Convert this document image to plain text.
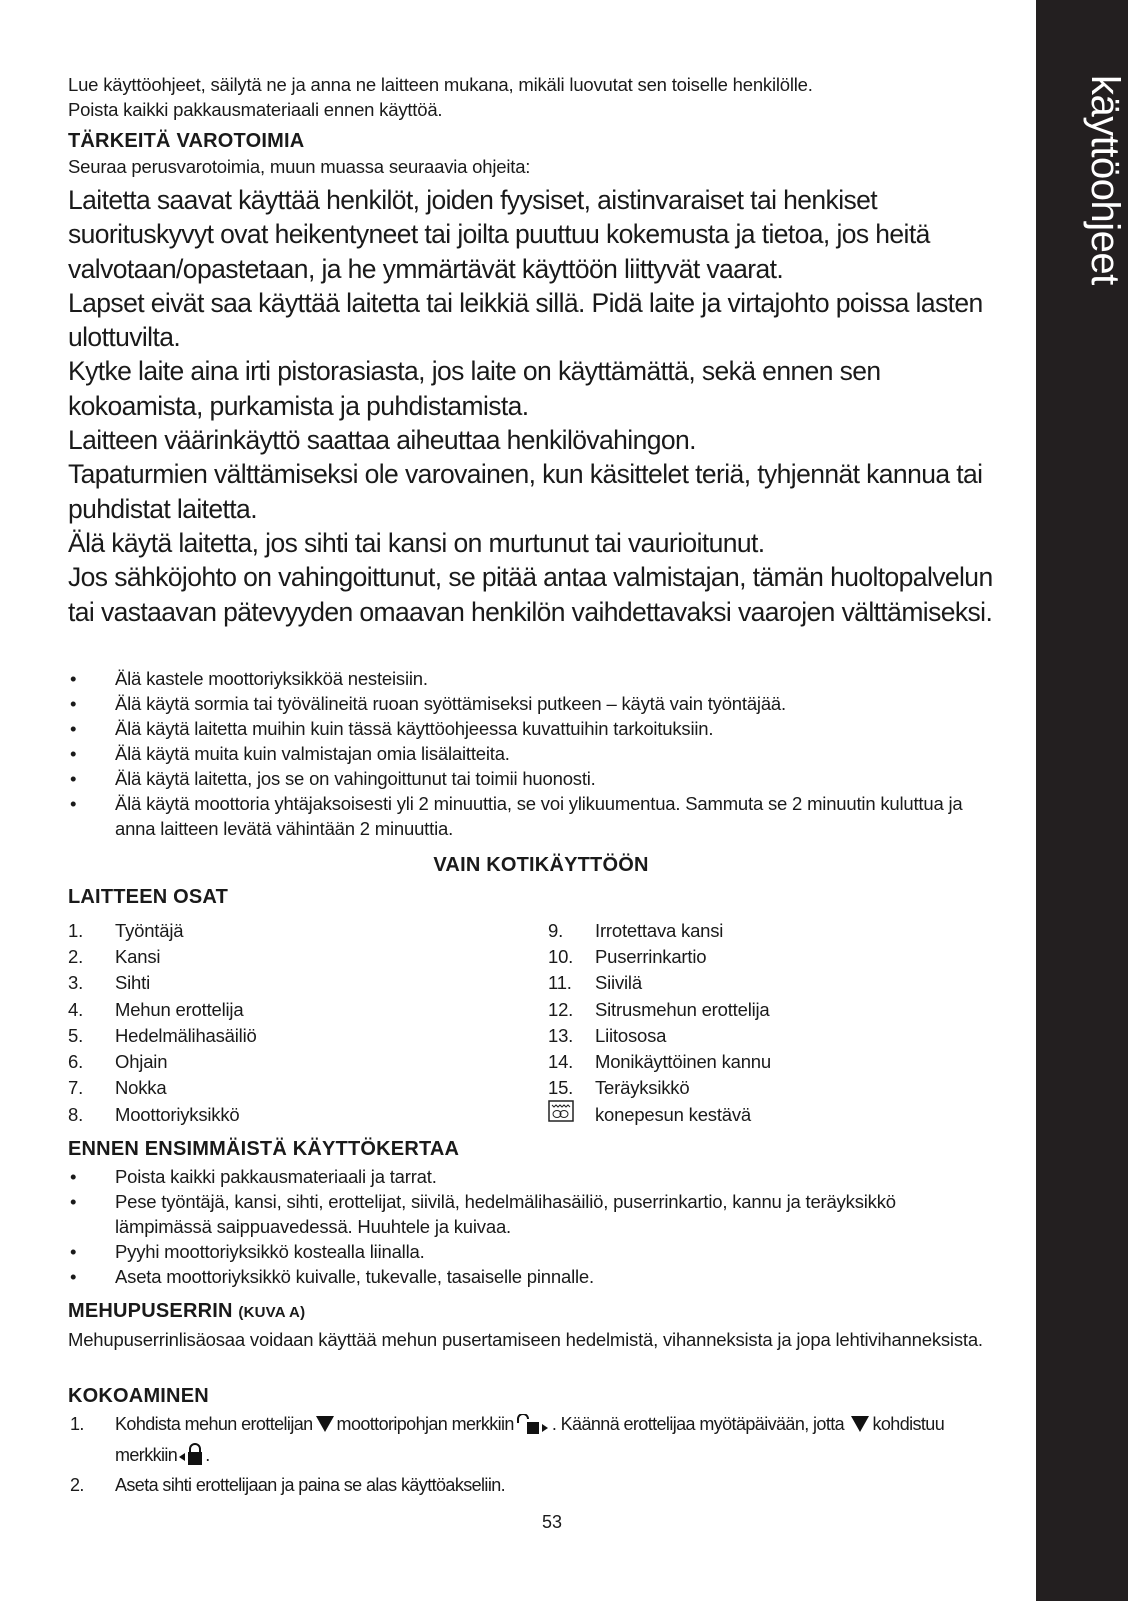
käyttöohjeet

Lue käyttöohjeet, säilytä ne ja anna ne laitteen mukana, mikäli luovutat sen toiselle henkilölle.

Poista kaikki pakkausmateriaali ennen käyttöä.

TÄRKEITÄ VAROTOIMIA
Seuraa perusvarotoimia, muun muassa seuraavia ohjeita:

Laitetta saavat käyttää henkilöt, joiden fyysiset, aistinvaraiset tai henkiset suorituskyvyt ovat heikentyneet tai joilta puuttuu kokemusta ja tietoa, jos heitä valvotaan/opastetaan, ja he ymmärtävät käyttöön liittyvät vaarat.

Lapset eivät saa käyttää laitetta tai leikkiä sillä. Pidä laite ja virtajohto poissa lasten ulottuvilta.

Kytke laite aina irti pistorasiasta, jos laite on käyttämättä, sekä ennen sen kokoamista, purkamista ja puhdistamista.

Laitteen väärinkäyttö saattaa aiheuttaa henkilövahingon.

Tapaturmien välttämiseksi ole varovainen, kun käsittelet teriä, tyhjennät kannua tai puhdistat laitetta.

Älä käytä laitetta, jos sihti tai kansi on murtunut tai vaurioitunut.

Jos sähköjohto on vahingoittunut, se pitää antaa valmistajan, tämän huoltopalvelun tai vastaavan pätevyyden omaavan henkilön vaihdettavaksi vaarojen välttämiseksi.

• Älä kastele moottoriyksikköä nesteisiin.
• Älä käytä sormia tai työvälineitä ruoan syöttämiseksi putkeen – käytä vain työntäjää.
• Älä käytä laitetta muihin kuin tässä käyttöohjeessa kuvattuihin tarkoituksiin.
• Älä käytä muita kuin valmistajan omia lisälaitteita.
• Älä käytä laitetta, jos se on vahingoittunut tai toimii huonosti.
• Älä käytä moottoria yhtäjaksoisesti yli 2 minuuttia, se voi ylikuumentua. Sammuta se 2 minuutin kuluttua ja anna laitteen levätä vähintään 2 minuuttia.
VAIN KOTIKÄYTTÖÖN
LAITTEEN OSAT
1.	Työntäjä
2.	Kansi
3.	Sihti
4.	Mehun erottelija
5.	Hedelmälihasäiliö
6.	Ohjain
7.	Nokka
8.	Moottoriyksikkö
9.	Irrotettava kansi
10.	Puserrinkartio
11.	Siivilä
12.	Sitrusmehun erottelija
13.	Liitososa
14.	Monikäyttöinen kannu
15.	Teräyksikkö
konepesun kestävä
ENNEN ENSIMMÄISTÄ KÄYTTÖKERTAA
• Poista kaikki pakkausmateriaali ja tarrat.
• Pese työntäjä, kansi, sihti, erottelijat, siivilä, hedelmälihasäiliö, puserrinkartio, kannu ja teräyksikkö lämpimässä saippuavedessä. Huuhtele ja kuivaa.
• Pyyhi moottoriyksikkö kostealla liinalla.
• Aseta moottoriyksikkö kuivalle, tukevalle, tasaiselle pinnalle.
MEHUPUSERRIN (KUVA A)
Mehupuserrinlisäosaa voidaan käyttää mehun pusertamiseen hedelmistä, vihanneksista ja jopa lehtivihanneksista.
KOKOAMINEN
1. Kohdista mehun erottelijan moottoripohjan merkkiin . Käännä erottelijaa myötäpäivään, jotta kohdistuu merkkiin .
2. Aseta sihti erottelijaan ja paina se alas käyttöakseliin.
53
